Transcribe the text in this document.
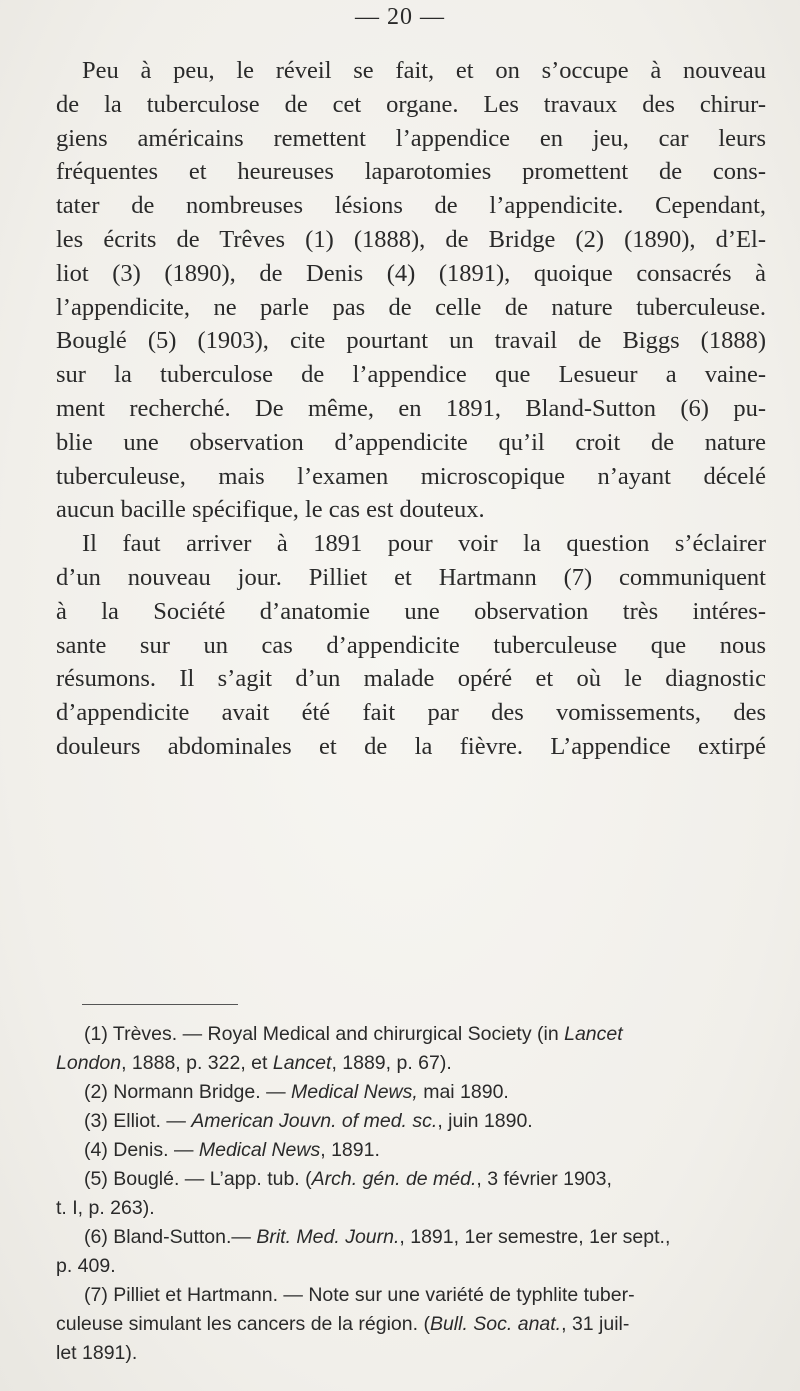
— 20 —
Peu à peu, le réveil se fait, et on s’occupe à nouveau
de la tuberculose de cet organe. Les travaux des chirur-
giens américains remettent l’appendice en jeu, car leurs
fréquentes et heureuses laparotomies promettent de cons-
tater de nombreuses lésions de l’appendicite. Cependant,
les écrits de Trêves (1) (1888), de Bridge (2) (1890), d’El-
liot (3) (1890), de Denis (4) (1891), quoique consacrés à
l’appendicite, ne parle pas de celle de nature tuberculeuse.
Bouglé (5) (1903), cite pourtant un travail de Biggs (1888)
sur la tuberculose de l’appendice que Lesueur a vaine-
ment recherché. De même, en 1891, Bland-Sutton (6) pu-
blie une observation d’appendicite qu’il croit de nature
tuberculeuse, mais l’examen microscopique n’ayant décelé
aucun bacille spécifique, le cas est douteux.
Il faut arriver à 1891 pour voir la question s’éclairer
d’un nouveau jour. Pilliet et Hartmann (7) communiquent
à la Société d’anatomie une observation très intéres-
sante sur un cas d’appendicite tuberculeuse que nous
résumons. Il s’agit d’un malade opéré et où le diagnostic
d’appendicite avait été fait par des vomissements, des
douleurs abdominales et de la fièvre. L’appendice extirpé

(1) Trèves. — Royal Medical and chirurgical Society (in Lancet

London, 1888, p. 322, et Lancet, 1889, p. 67).

(2) Normann Bridge. — Medical News, mai 1890.

(3) Elliot. — American Jouvn. of med. sc., juin 1890.

(4) Denis. — Medical News, 1891.

(5) Bouglé. — L’app. tub. (Arch. gén. de méd., 3 février 1903,

t. I, p. 263).

(6) Bland-Sutton.— Brit. Med. Journ., 1891, 1er semestre, 1er sept.,

p. 409.

(7) Pilliet et Hartmann. — Note sur une variété de typhlite tuber-

culeuse simulant les cancers de la région. (Bull. Soc. anat., 31 juil-

let 1891).
